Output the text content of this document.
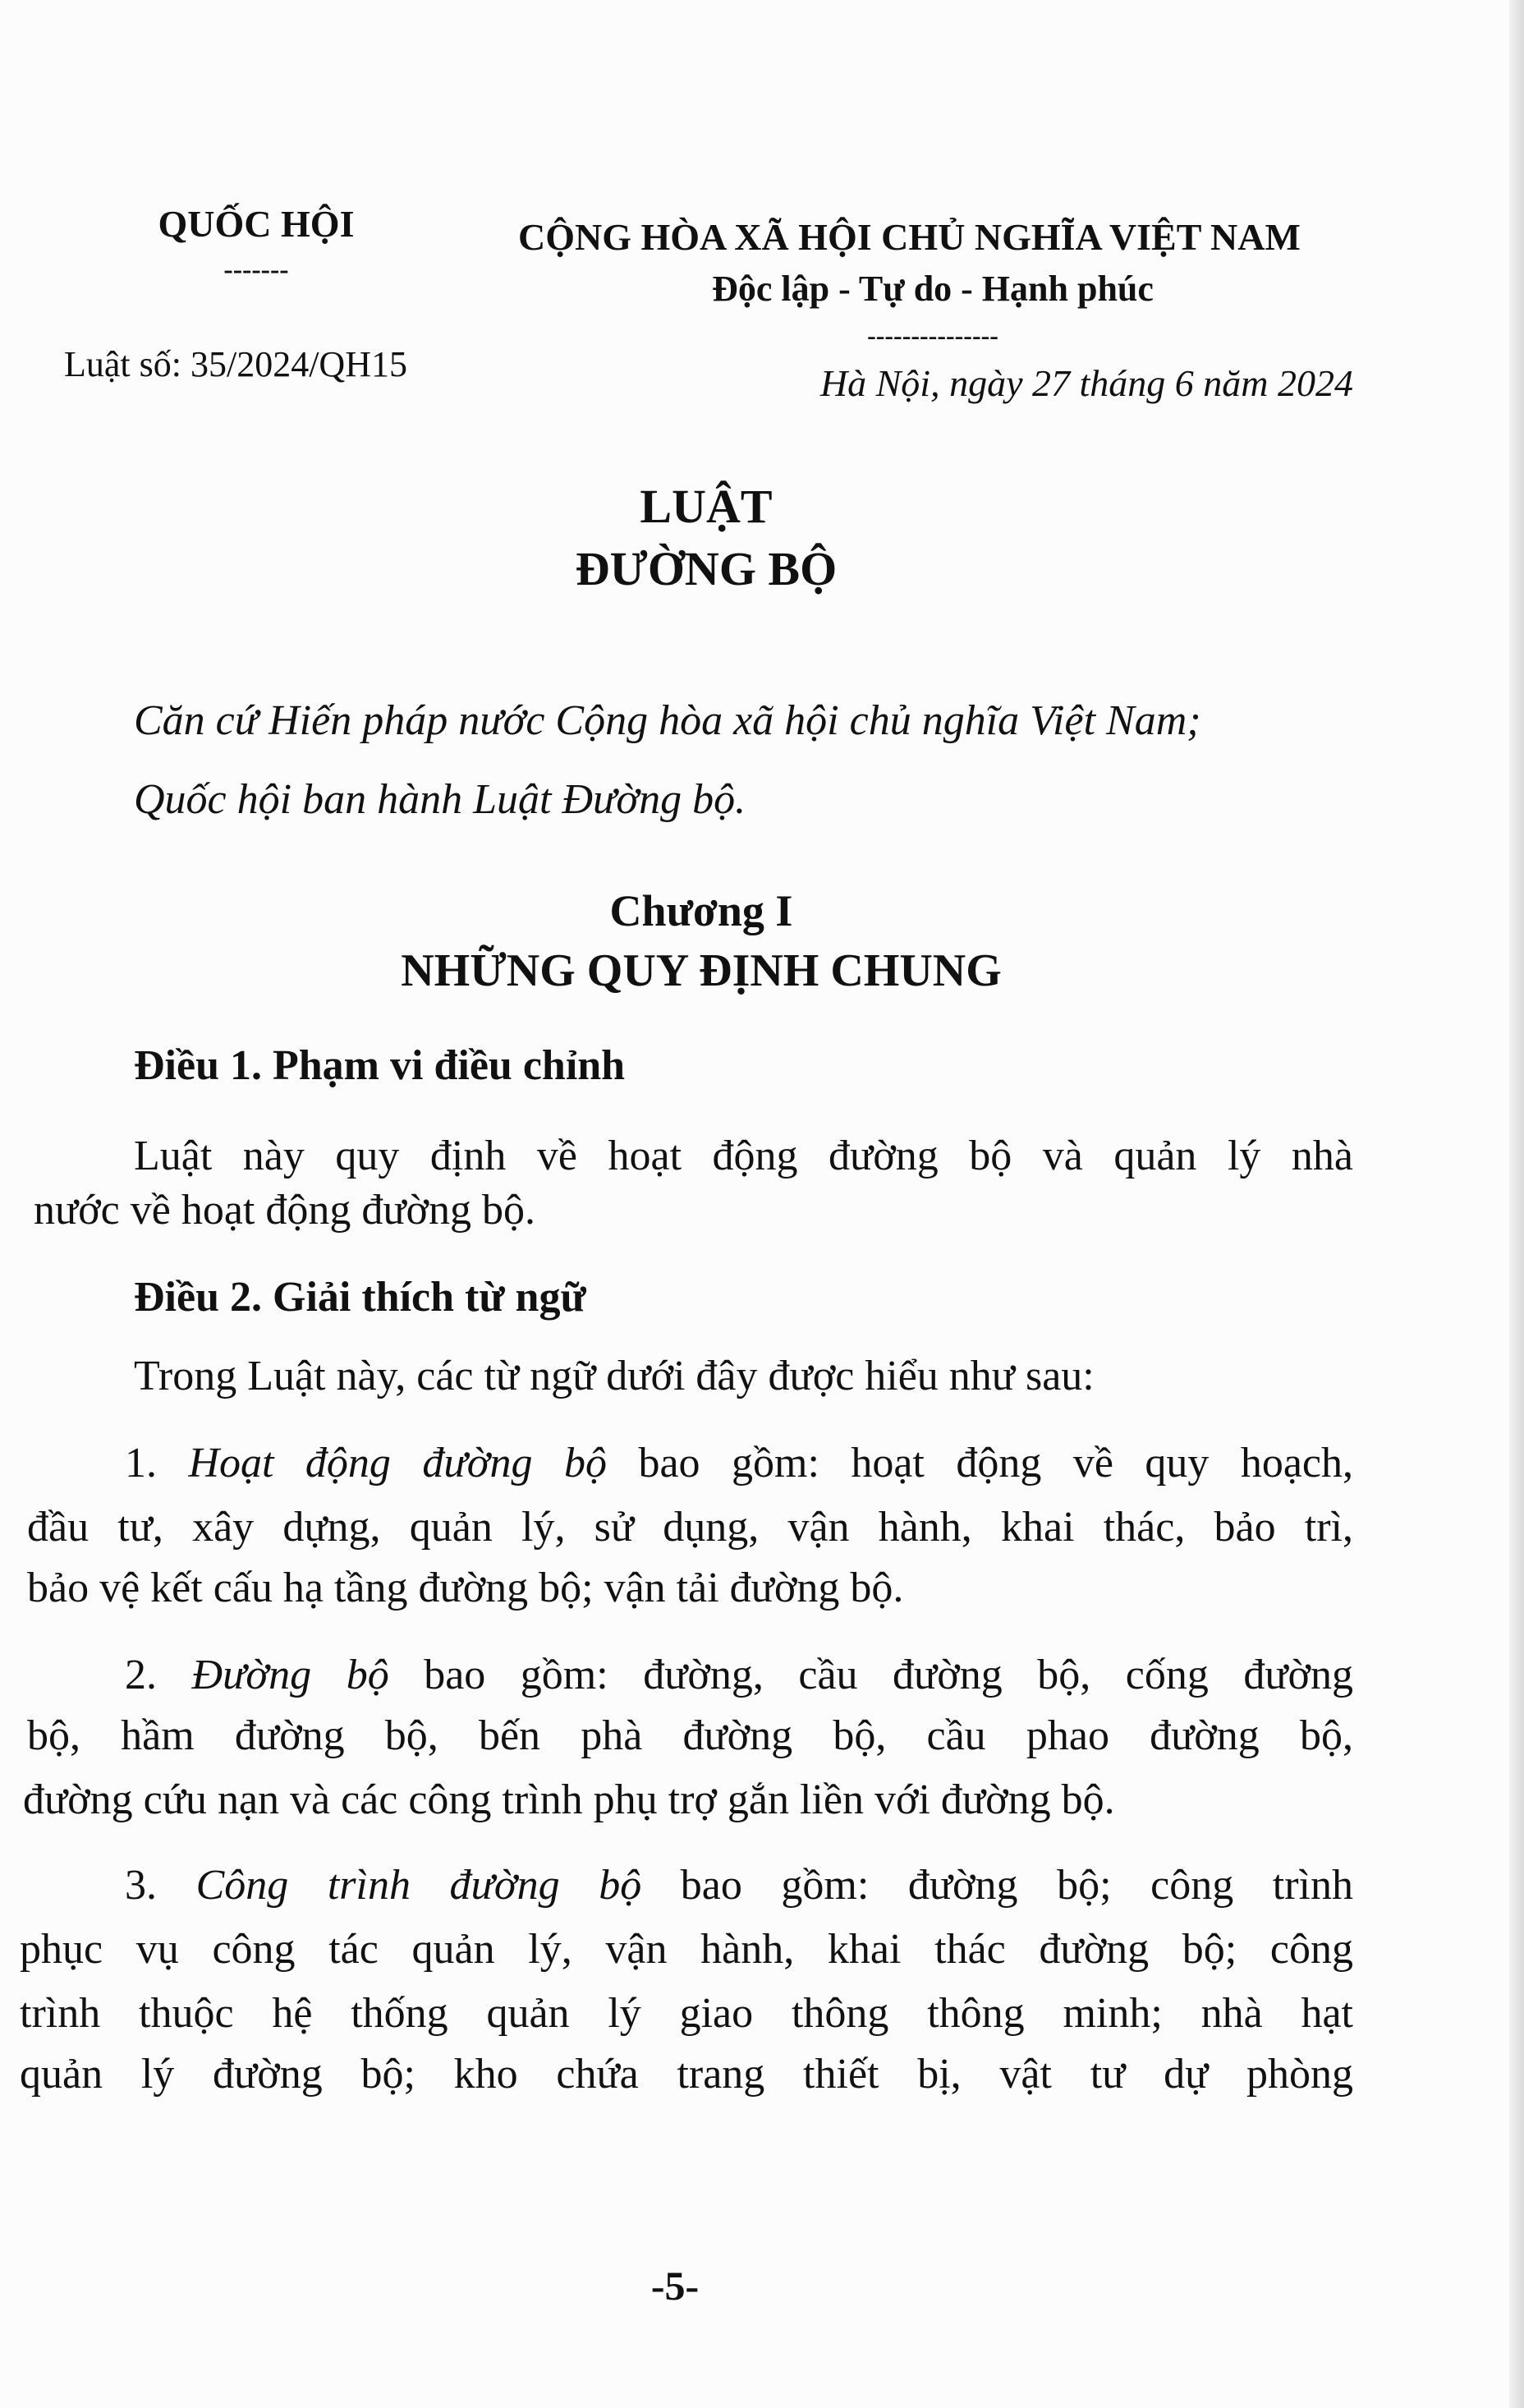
QUỐC HỘI
-------
CỘNG HÒA XÃ HỘI CHỦ NGHĨA VIỆT NAM
Độc lập - Tự do - Hạnh phúc
---------------
Luật số: 35/2024/QH15	Hà Nội, ngày 27 tháng 6 năm 2024
LUẬT
ĐƯỜNG BỘ
Căn cứ Hiến pháp nước Cộng hòa xã hội chủ nghĩa Việt Nam;
Quốc hội ban hành Luật Đường bộ.
Chương I
NHỮNG QUY ĐỊNH CHUNG
Điều 1. Phạm vi điều chỉnh
Luật này quy định về hoạt động đường bộ và quản lý nhà
nước về hoạt động đường bộ.
Điều 2. Giải thích từ ngữ
Trong Luật này, các từ ngữ dưới đây được hiểu như sau:
1. Hoạt động đường bộ bao gồm: hoạt động về quy hoạch,
đầu tư, xây dựng, quản lý, sử dụng, vận hành, khai thác, bảo trì,
bảo vệ kết cấu hạ tầng đường bộ; vận tải đường bộ.
2. Đường bộ bao gồm: đường, cầu đường bộ, cống đường
bộ, hầm đường bộ, bến phà đường bộ, cầu phao đường bộ,
đường cứu nạn và các công trình phụ trợ gắn liền với đường bộ.
3. Công trình đường bộ bao gồm: đường bộ; công trình
phục vụ công tác quản lý, vận hành, khai thác đường bộ; công
trình thuộc hệ thống quản lý giao thông thông minh; nhà hạt
quản lý đường bộ; kho chứa trang thiết bị, vật tư dự phòng
-5-
